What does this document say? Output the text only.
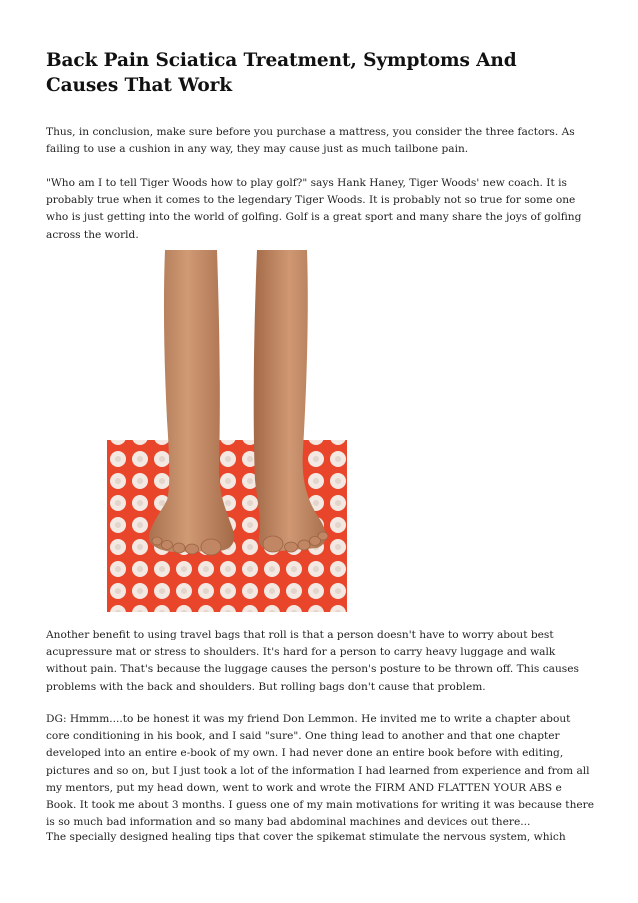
Back Pain Sciatica Treatment, Symptoms And Causes That Work

Thus, in conclusion, make sure before you purchase a mattress, you consider the three factors. As failing to use a cushion in any way, they may cause just as much tailbone pain.

"Who am I to tell Tiger Woods how to play golf?" says Hank Haney, Tiger Woods' new coach. It is probably true when it comes to the legendary Tiger Woods. It is probably not so true for some one who is just getting into the world of golfing. Golf is a great sport and many share the joys of golfing across the world.

Another benefit to using travel bags that roll is that a person doesn't have to worry about best acupressure mat or stress to shoulders. It's hard for a person to carry heavy luggage and walk without pain. That's because the luggage causes the person's posture to be thrown off. This causes problems with the back and shoulders. But rolling bags don't cause that problem.

DG: Hmmm....to be honest it was my friend Don Lemmon. He invited me to write a chapter about core conditioning in his book, and I said "sure". One thing lead to another and that one chapter developed into an entire e-book of my own. I had never done an entire book before with editing, pictures and so on, but I just took a lot of the information I had learned from experience and from all my mentors, put my head down, went to work and wrote the FIRM AND FLATTEN YOUR ABS e Book. It took me about 3 months. I guess one of my main motivations for writing it was because there is so much bad information and so many bad abdominal machines and devices out there...

The specially designed healing tips that cover the spikemat stimulate the nervous system, which
